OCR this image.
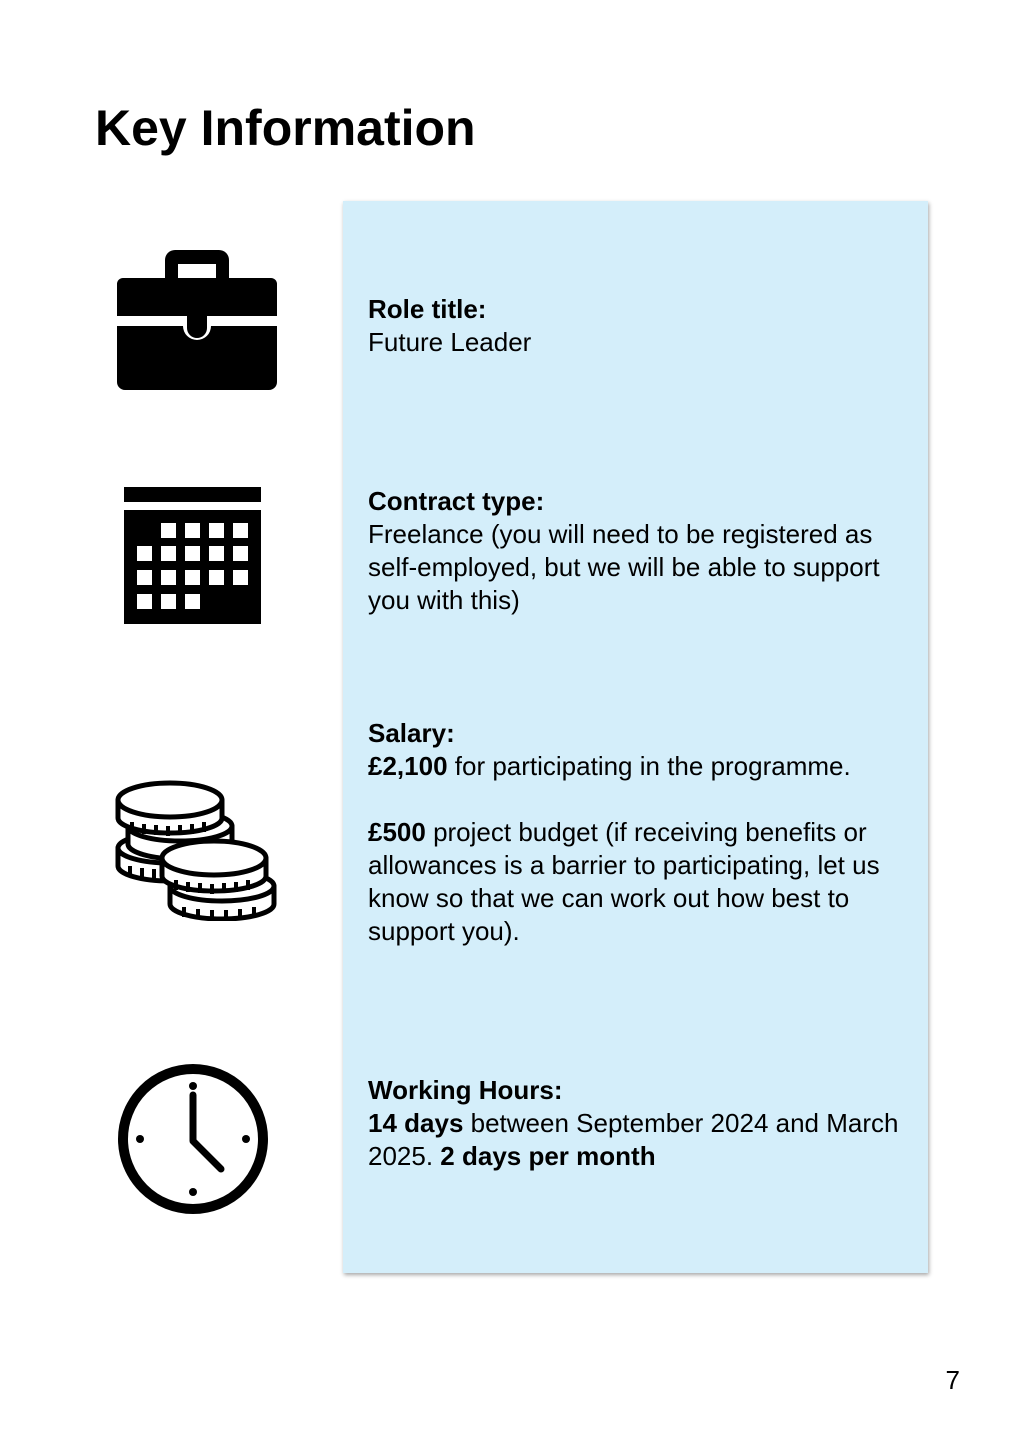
Key Information
Role title:
Future Leader
Contract type:
Freelance (you will need to be registered as self-employed, but we will be able to support you with this)
Salary:
£2,100 for participating in the programme.
£500 project budget (if receiving benefits or allowances is a barrier to participating, let us know so that we can work out how best to support you).
Working Hours:
14 days between September 2024 and March 2025. 2 days per month
7
